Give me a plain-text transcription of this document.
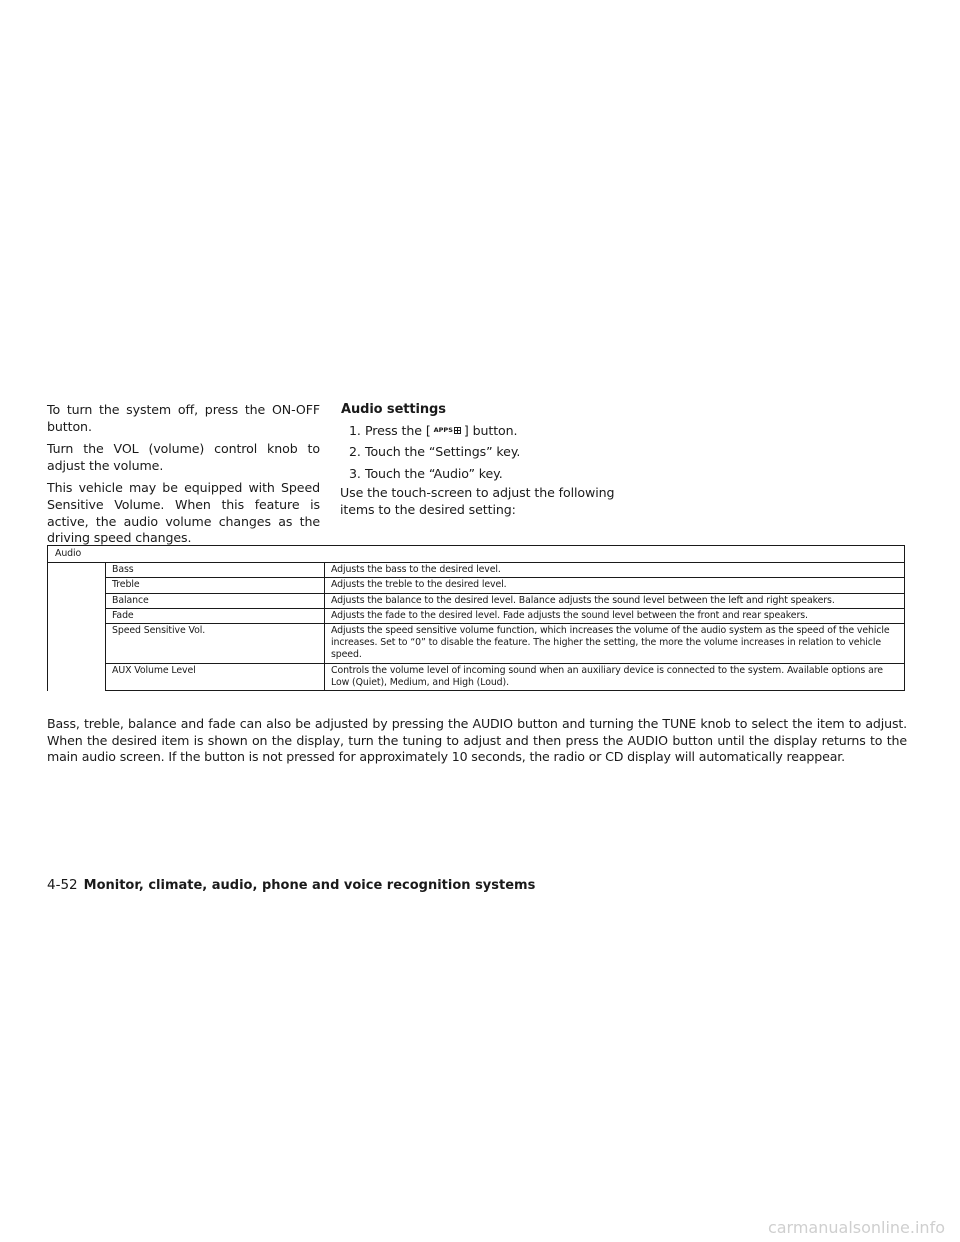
To turn the system off, press the ON-OFF button.

Turn the VOL (volume) control knob to adjust the volume.

This vehicle may be equipped with Speed Sensitive Volume. When this feature is active, the audio volume changes as the driving speed changes.

Audio settings
1. Press the [ APPS ] button.
2. Touch the “Settings” key.
3. Touch the “Audio” key.

Use the touch-screen to adjust the following items to the desired setting:

Audio		
	Bass	Adjusts the bass to the desired level.
	Treble	Adjusts the treble to the desired level.
	Balance	Adjusts the balance to the desired level. Balance adjusts the sound level between the left and right speakers.
	Fade	Adjusts the fade to the desired level. Fade adjusts the sound level between the front and rear speakers.
	Speed Sensitive Vol.	Adjusts the speed sensitive volume function, which increases the volume of the audio system as the speed of the vehicle increases. Set to “0” to disable the feature. The higher the setting, the more the volume increases in relation to vehicle speed.
	AUX Volume Level	Controls the volume level of incoming sound when an auxiliary device is connected to the system. Available options are Low (Quiet), Medium, and High (Loud).

Bass, treble, balance and fade can also be adjusted by pressing the AUDIO button and turning the TUNE knob to select the item to adjust. When the desired item is shown on the display, turn the tuning to adjust and then press the AUDIO button until the display returns to the main audio screen. If the button is not pressed for approximately 10 seconds, the radio or CD display will automatically reappear.

4-52 Monitor, climate, audio, phone and voice recognition systems
carmanualsonline.info
